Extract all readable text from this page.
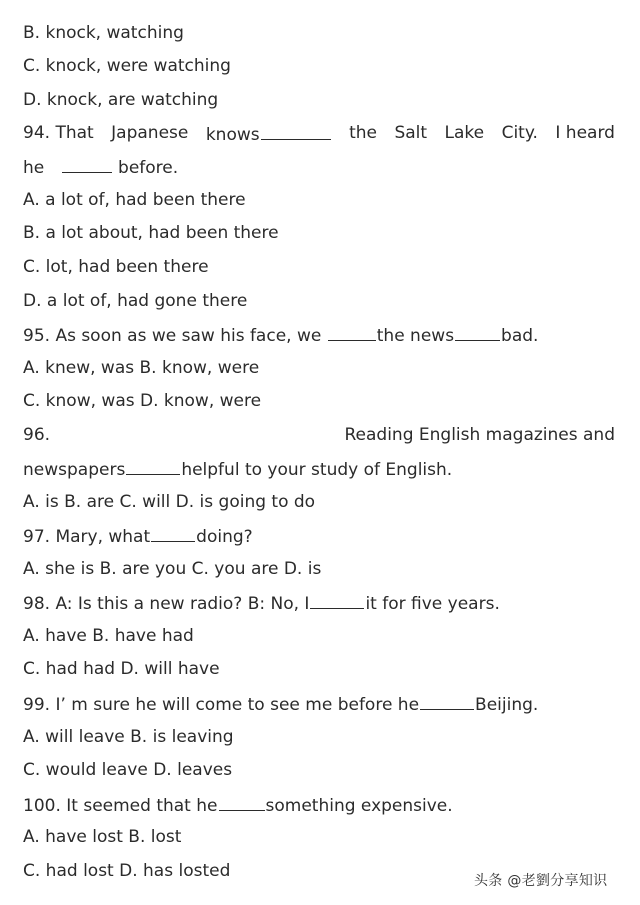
B. knock, watching
C. knock, were watching
D. knock, are watching
94. That Japanese knows	the Salt Lake City. I heard
he	before.
A. a lot of, had been there
B. a lot about, had been there
C. lot, had been there
D. a lot of, had gone there
95. As soon as we saw his face, we	the news	bad.
A. knew, was B. know, were
C. know, was D. know, were
96.	Reading English magazines and
newspapers	helpful to your study of English.
A. is B. are C. will D. is going to do
97. Mary, what	doing?
A. she is B. are you C. you are D. is
98. A: Is this a new radio? B: No, I	it for five years.
A. have B. have had
C. had had D. will have
99. I’ m sure he will come to see me before he	Beijing.
A. will leave B. is leaving
C. would leave D. leaves
100. It seemed that he	something expensive.
A. have lost B. lost
C. had lost D. has losted	头条 @老劉分享知识
